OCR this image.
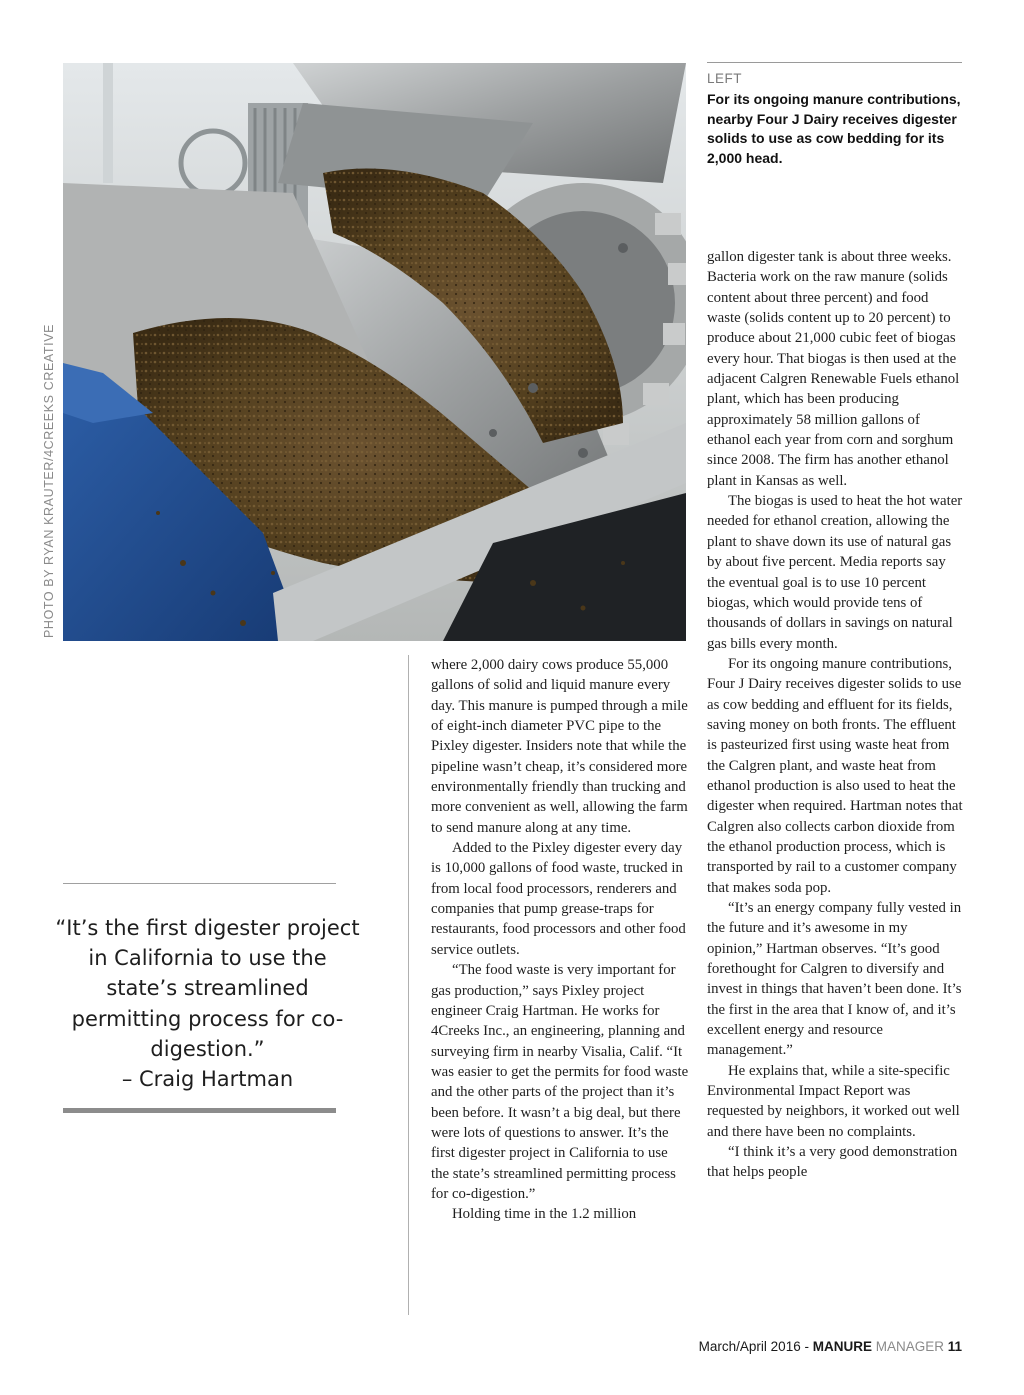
PHOTO BY RYAN KRAUTER/4CREEKS CREATIVE
LEFT
For its ongoing manure contributions, nearby Four J Dairy receives digester solids to use as cow bedding for its 2,000 head.
“It’s the first digester project in California to use the state’s streamlined permitting process for co-digestion.”
– Craig Hartman

where 2,000 dairy cows produce 55,000 gallons of solid and liquid manure every day. This manure is pumped through a mile of eight-inch diameter PVC pipe to the Pixley digester. Insiders note that while the pipeline wasn’t cheap, it’s considered more environmentally friendly than trucking and more convenient as well, allowing the farm to send manure along at any time.

Added to the Pixley digester every day is 10,000 gallons of food waste, trucked in from local food processors, renderers and companies that pump grease-traps for restaurants, food processors and other food service outlets.

“The food waste is very important for gas production,” says Pixley project engineer Craig Hartman. He works for 4Creeks Inc., an engineering, planning and surveying firm in nearby Visalia, Calif. “It was easier to get the permits for food waste and the other parts of the project than it’s been before. It wasn’t a big deal, but there were lots of questions to answer. It’s the first digester project in California to use the state’s streamlined permitting process for co-digestion.”

Holding time in the 1.2 million

gallon digester tank is about three weeks. Bacteria work on the raw manure (solids content about three percent) and food waste (solids content up to 20 percent) to produce about 21,000 cubic feet of biogas every hour. That biogas is then used at the adjacent Calgren Renewable Fuels ethanol plant, which has been producing approximately 58 million gallons of ethanol each year from corn and sorghum since 2008. The firm has another ethanol plant in Kansas as well.

The biogas is used to heat the hot water needed for ethanol creation, allowing the plant to shave down its use of natural gas by about five percent. Media reports say the eventual goal is to use 10 percent biogas, which would provide tens of thousands of dollars in savings on natural gas bills every month.

For its ongoing manure contributions, Four J Dairy receives digester solids to use as cow bedding and effluent for its fields, saving money on both fronts. The effluent is pasteurized first using waste heat from the Calgren plant, and waste heat from ethanol production is also used to heat the digester when required. Hartman notes that Calgren also collects carbon dioxide from the ethanol production process, which is transported by rail to a customer company that makes soda pop.

“It’s an energy company fully vested in the future and it’s awesome in my opinion,” Hartman observes. “It’s good forethought for Calgren to diversify and invest in things that haven’t been done. It’s the first in the area that I know of, and it’s excellent energy and resource management.”

He explains that, while a site-specific Environmental Impact Report was requested by neighbors, it worked out well and there have been no complaints.

“I think it’s a very good demonstration that helps people

March/April 2016 - MANURE MANAGER 11
